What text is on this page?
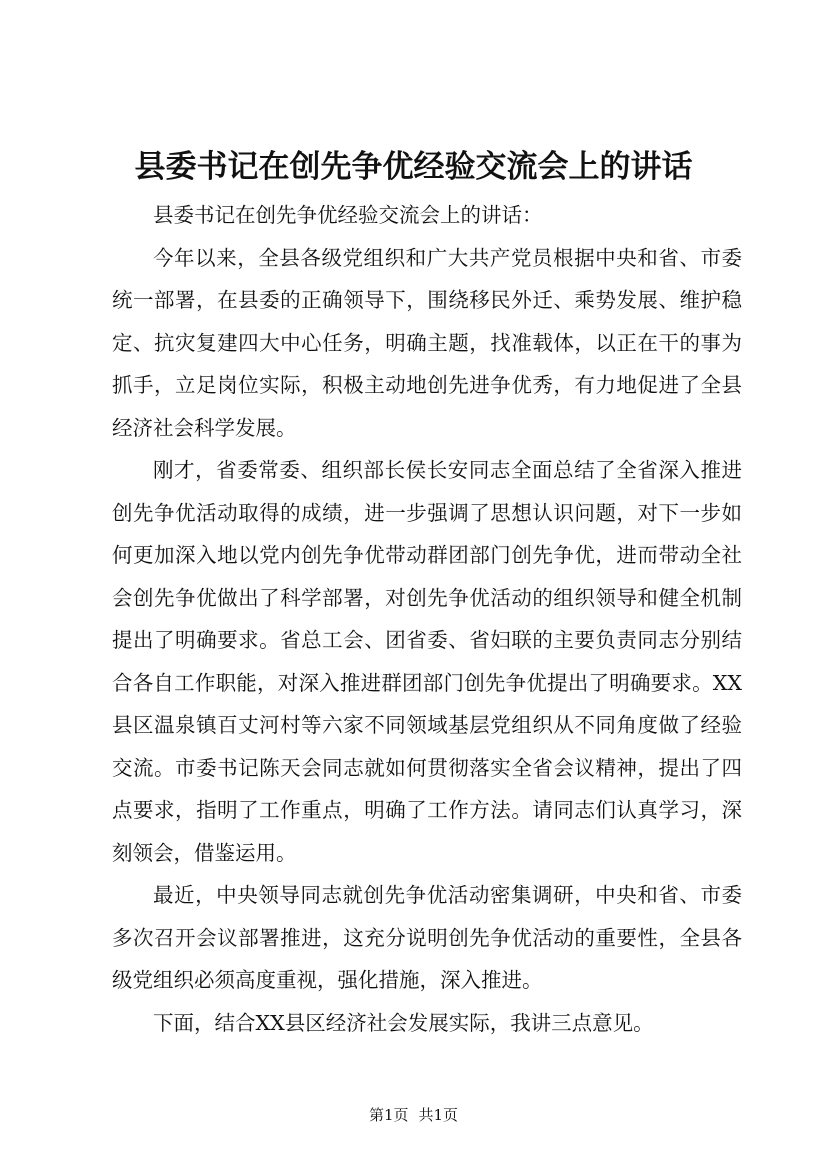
县委书记在创先争优经验交流会上的讲话

县委书记在创先争优经验交流会上的讲话：

今年以来，全县各级党组织和广大共产党员根据中央和省、市委统一部署，在县委的正确领导下，围绕移民外迁、乘势发展、维护稳定、抗灾复建四大中心任务，明确主题，找准载体，以正在干的事为抓手，立足岗位实际，积极主动地创先进争优秀，有力地促进了全县经济社会科学发展。

刚才，省委常委、组织部长侯长安同志全面总结了全省深入推进创先争优活动取得的成绩，进一步强调了思想认识问题，对下一步如何更加深入地以党内创先争优带动群团部门创先争优，进而带动全社会创先争优做出了科学部署，对创先争优活动的组织领导和健全机制提出了明确要求。省总工会、团省委、省妇联的主要负责同志分别结合各自工作职能，对深入推进群团部门创先争优提出了明确要求。XX县区温泉镇百丈河村等六家不同领域基层党组织从不同角度做了经验交流。市委书记陈天会同志就如何贯彻落实全省会议精神，提出了四点要求，指明了工作重点，明确了工作方法。请同志们认真学习，深刻领会，借鉴运用。

最近，中央领导同志就创先争优活动密集调研，中央和省、市委多次召开会议部署推进，这充分说明创先争优活动的重要性，全县各级党组织必须高度重视，强化措施，深入推进。

下面，结合XX县区经济社会发展实际，我讲三点意见。

第1页 共1页
